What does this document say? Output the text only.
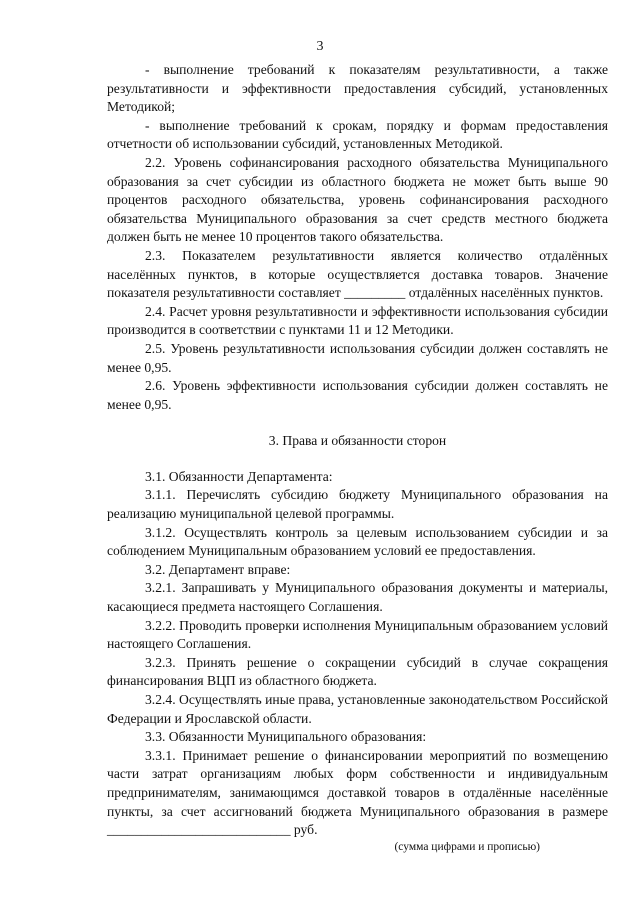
3

- выполнение требований к показателям результативности, а также результативности и эффективности предоставления субсидий, установленных Методикой;

- выполнение требований к срокам, порядку и формам предоставления отчетности об использовании субсидий, установленных Методикой.

2.2. Уровень софинансирования расходного обязательства Муниципального образования за счет субсидии из областного бюджета не может быть выше 90 процентов расходного обязательства, уровень софинансирования расходного обязательства Муниципального образования за счет средств местного бюджета должен быть не менее 10 процентов такого обязательства.

2.3. Показателем результативности является количество отдалённых населённых пунктов, в которые осуществляется доставка товаров. Значение показателя результативности составляет _________ отдалённых населённых пунктов.

2.4. Расчет уровня результативности и эффективности использования субсидии производится в соответствии с пунктами 11 и 12 Методики.

2.5. Уровень результативности использования субсидии должен составлять не менее 0,95.

2.6. Уровень эффективности использования субсидии должен составлять не менее 0,95.

3. Права и обязанности сторон

3.1. Обязанности Департамента:

3.1.1. Перечислять субсидию бюджету Муниципального образования на реализацию муниципальной целевой программы.

3.1.2. Осуществлять контроль за целевым использованием субсидии и за соблюдением Муниципальным образованием условий ее предоставления.

3.2. Департамент вправе:

3.2.1. Запрашивать у Муниципального образования документы и материалы, касающиеся предмета настоящего Соглашения.

3.2.2. Проводить проверки исполнения Муниципальным образованием условий настоящего Соглашения.

3.2.3. Принять решение о сокращении субсидий в случае сокращения финансирования ВЦП из областного бюджета.

3.2.4. Осуществлять иные права, установленные законодательством Российской Федерации и Ярославской области.

3.3. Обязанности Муниципального образования:

3.3.1. Принимает решение о финансировании мероприятий по возмещению части затрат организациям любых форм собственности и индивидуальным предпринимателям, занимающимся доставкой товаров в отдалённые населённые пункты, за счет ассигнований бюджета Муниципального образования в размере ___________________________ руб.

(сумма цифрами и прописью)
